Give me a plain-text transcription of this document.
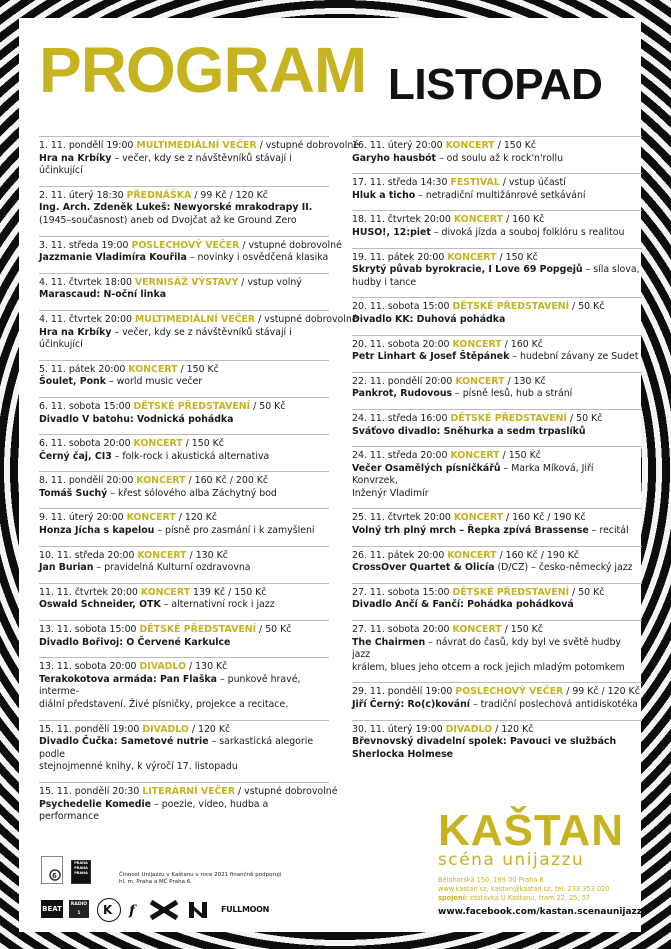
PROGRAM LISTOPAD
1. 11. pondělí 19:00 MULTIMEDIÁLNÍ VEČER / vstupné dobrovolné
Hra na Krbíky – večer, kdy se z návštěvníků stávají i účinkující
2. 11. úterý 18:30 PŘEDNÁŠKA / 99 Kč / 120 Kč
Ing. Arch. Zdeněk Lukeš: Newyorské mrakodrapy II.
(1945–současnost) aneb od Dvojčat až ke Ground Zero
3. 11. středa 19:00 POSLECHOVÝ VEČER / vstupné dobrovolné
Jazzmanie Vladimíra Kouřila – novinky i osvědčená klasika
4. 11. čtvrtek 18:00 VERNISÁŽ VÝSTAVY / vstup volný
Marascaud: N-oční linka
4. 11. čtvrtek 20:00 MULTIMEDIÁLNÍ VEČER / vstupné dobrovolné
Hra na Krbíky – večer, kdy se z návštěvníků stávají i účinkující
5. 11. pátek 20:00 KONCERT / 150 Kč
Šoulet, Ponk – world music večer
6. 11. sobota 15:00 DĚTSKÉ PŘEDSTAVENÍ / 50 Kč
Divadlo V batohu: Vodnická pohádka
6. 11. sobota 20:00 KONCERT / 150 Kč
Černý čaj, CI3 – folk-rock i akustická alternativa
8. 11. pondělí 20:00 KONCERT / 160 Kč / 200 Kč
Tomáš Suchý – křest sólového alba Záchytný bod
9. 11. úterý 20:00 KONCERT / 120 Kč
Honza Jícha s kapelou – písně pro zasmání i k zamyšlení
10. 11. středa 20:00 KONCERT / 130 Kč
Jan Burian – pravidelná Kulturní ozdravovna
11. 11. čtvrtek 20:00 KONCERT 139 Kč / 150 Kč
Oswald Schneider, OTK – alternativní rock i jazz
13. 11. sobota 15:00 DĚTSKÉ PŘEDSTAVENÍ / 50 Kč
Divadlo Bořivoj: O Červené Karkulce
13. 11. sobota 20:00 DIVADLO / 130 Kč
Terakokotova armáda: Pan Flaška – punkově hravé, interme-
diální představení. Živé písničky, projekce a recitace.
15. 11. pondělí 19:00 DIVADLO / 120 Kč
Divadlo Čučka: Sametové nutrie – sarkastická alegorie podle
stejnojmenné knihy, k výročí 17. listopadu
15. 11. pondělí 20:30 LITERÁRNÍ VEČER / vstupné dobrovolné
Psychedelie Komedie – poezie, video, hudba a performance
16. 11. úterý 20:00 KONCERT / 150 Kč
Garyho hausbót – od soulu až k rock'n'rollu
17. 11. středa 14:30 FESTIVAL / vstup účastí
Hluk a ticho – netradiční multižánrové setkávání
18. 11. čtvrtek 20:00 KONCERT / 160 Kč
HUSO!, 12:piet – divoká jízda a souboj folklóru s realitou
19. 11. pátek 20:00 KONCERT / 150 Kč
Skrytý půvab byrokracie, I Love 69 Popgejů – síla slova,
hudby i tance
20. 11. sobota 15:00 DĚTSKÉ PŘEDSTAVENÍ / 50 Kč
Divadlo KK: Duhová pohádka
20. 11. sobota 20:00 KONCERT / 160 Kč
Petr Linhart & Josef Štěpánek – hudební závany ze Sudet
22. 11. pondělí 20:00 KONCERT / 130 Kč
Pankrot, Rudovous – písně lesů, hub a strání
24. 11. středa 16:00 DĚTSKÉ PŘEDSTAVENÍ / 50 Kč
Sváťovo divadlo: Sněhurka a sedm trpaslíků
24. 11. středa 20:00 KONCERT / 150 Kč
Večer Osamělých písničkářů – Marka Míková, Jiří Konvrzek,
Inženýr Vladimír
25. 11. čtvrtek 20:00 KONCERT / 160 Kč / 190 Kč
Volný trh plný mrch – Řepka zpívá Brassense – recitál
26. 11. pátek 20:00 KONCERT / 160 Kč / 190 Kč
CrossOver Quartet & Olicía (D/CZ) – česko-německý jazz
27. 11. sobota 15:00 DĚTSKÉ PŘEDSTAVENÍ / 50 Kč
Divadlo Ančí & Fančí: Pohádka pohádková
27. 11. sobota 20:00 KONCERT / 150 Kč
The Chairmen – návrat do časů, kdy byl ve světě hudby jazz
králem, blues jeho otcem a rock jejich mladým potomkem
29. 11. pondělí 19:00 POSLECHOVÝ VEČER / 99 Kč / 120 Kč
Jiří Černý: Ro(c)kování – tradiční poslechová antidiskotéka
30. 11. úterý 19:00 DIVADLO / 120 Kč
Břevnovský divadelní spolek: Pavouci ve službách
Sherlocka Holmese
6
PRAHA PRAHA PRAHA	Činnost Unijazzu v Kaštanu v roce 2021 finančně podporují hl. m. Praha a MČ Praha 6.
BEAT
RADIO 1	K f	FULLMOON
KAŠTAN
scéna unijazzu
Bělohorská 150, 169 00 Praha 6
www.kastan.cz, kastan@kastan.cz, tel. 233 353 020
spojení: zastávka U Kaštanu, tram 22, 25, 57
www.facebook.com/kastan.scenaunijazzu
